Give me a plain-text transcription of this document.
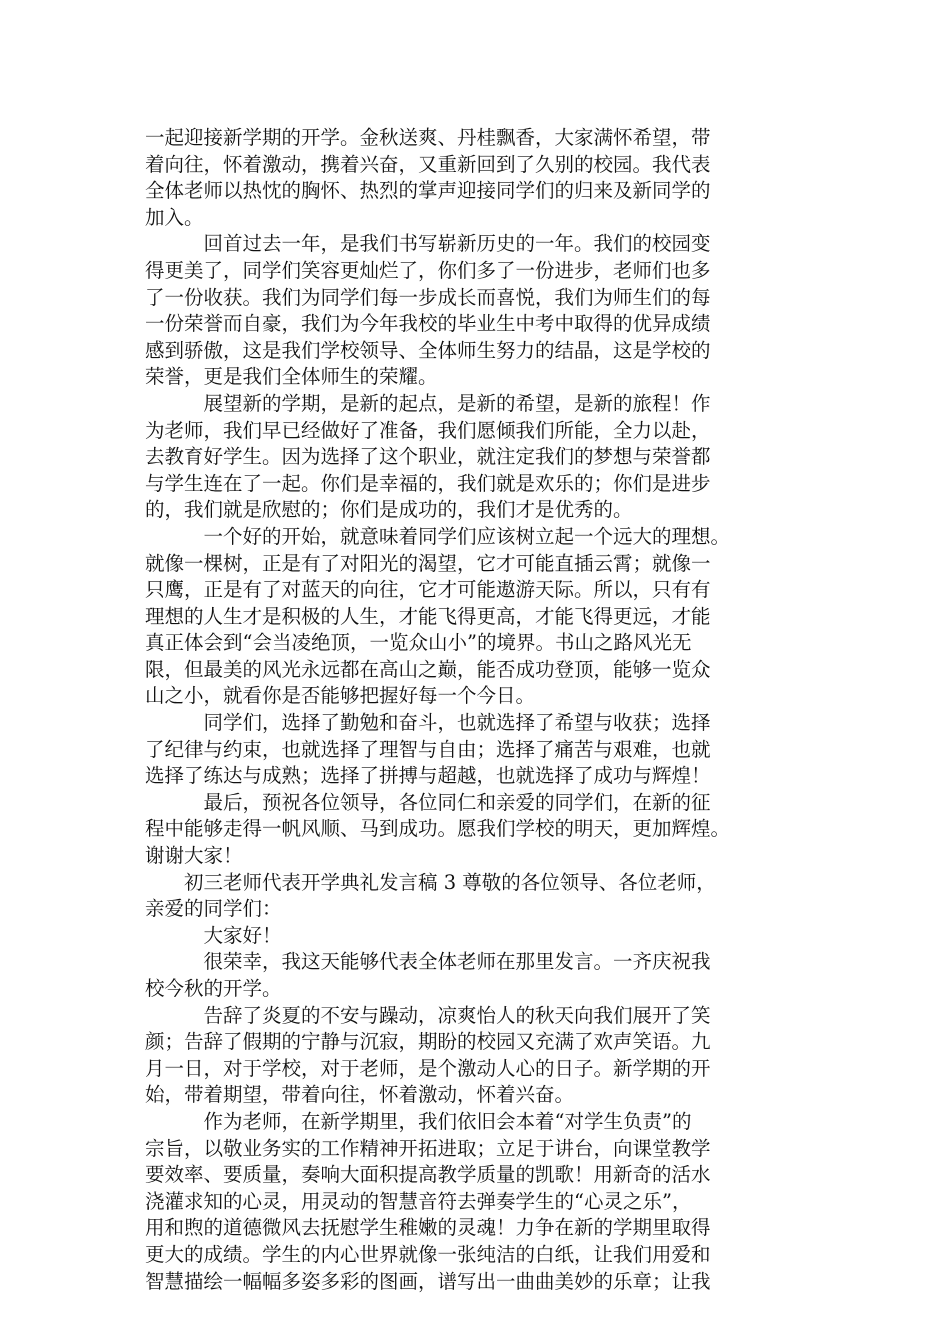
一起迎接新学期的开学。金秋送爽、丹桂飘香，大家满怀希望，带
着向往，怀着激动，携着兴奋，又重新回到了久别的校园。我代表
全体老师以热忱的胸怀、热烈的掌声迎接同学们的归来及新同学的
加入。
　　　回首过去一年，是我们书写崭新历史的一年。我们的校园变
得更美了，同学们笑容更灿烂了，你们多了一份进步，老师们也多
了一份收获。我们为同学们每一步成长而喜悦，我们为师生们的每
一份荣誉而自豪，我们为今年我校的毕业生中考中取得的优异成绩
感到骄傲，这是我们学校领导、全体师生努力的结晶，这是学校的
荣誉，更是我们全体师生的荣耀。
　　　展望新的学期，是新的起点，是新的希望，是新的旅程！作
为老师，我们早已经做好了准备，我们愿倾我们所能，全力以赴，
去教育好学生。因为选择了这个职业，就注定我们的梦想与荣誉都
与学生连在了一起。你们是幸福的，我们就是欢乐的；你们是进步
的，我们就是欣慰的；你们是成功的，我们才是优秀的。
　　　一个好的开始，就意味着同学们应该树立起一个远大的理想。
就像一棵树，正是有了对阳光的渴望，它才可能直插云霄；就像一
只鹰，正是有了对蓝天的向往，它才可能遨游天际。所以，只有有
理想的人生才是积极的人生，才能飞得更高，才能飞得更远，才能
真正体会到“会当凌绝顶，一览众山小”的境界。书山之路风光无
限，但最美的风光永远都在高山之巅，能否成功登顶，能够一览众
山之小，就看你是否能够把握好每一个今日。
　　　同学们，选择了勤勉和奋斗，也就选择了希望与收获；选择
了纪律与约束，也就选择了理智与自由；选择了痛苦与艰难，也就
选择了练达与成熟；选择了拼搏与超越，也就选择了成功与辉煌！
　　　最后，预祝各位领导，各位同仁和亲爱的同学们，在新的征
程中能够走得一帆风顺、马到成功。愿我们学校的明天，更加辉煌。
谢谢大家！
　　初三老师代表开学典礼发言稿 3 尊敬的各位领导、各位老师，
亲爱的同学们：
　　　大家好！
　　　很荣幸，我这天能够代表全体老师在那里发言。一齐庆祝我
校今秋的开学。
　　　告辞了炎夏的不安与躁动，凉爽怡人的秋天向我们展开了笑
颜；告辞了假期的宁静与沉寂，期盼的校园又充满了欢声笑语。九
月一日，对于学校，对于老师，是个激动人心的日子。新学期的开
始，带着期望，带着向往，怀着激动，怀着兴奋。
　　　作为老师，在新学期里，我们依旧会本着“对学生负责”的
宗旨，以敬业务实的工作精神开拓进取；立足于讲台，向课堂教学
要效率、要质量，奏响大面积提高教学质量的凯歌！用新奇的活水
浇灌求知的心灵，用灵动的智慧音符去弹奏学生的“心灵之乐”，
用和煦的道德微风去抚慰学生稚嫩的灵魂！力争在新的学期里取得
更大的成绩。学生的内心世界就像一张纯洁的白纸，让我们用爱和
智慧描绘一幅幅多姿多彩的图画，谱写出一曲曲美妙的乐章；让我
